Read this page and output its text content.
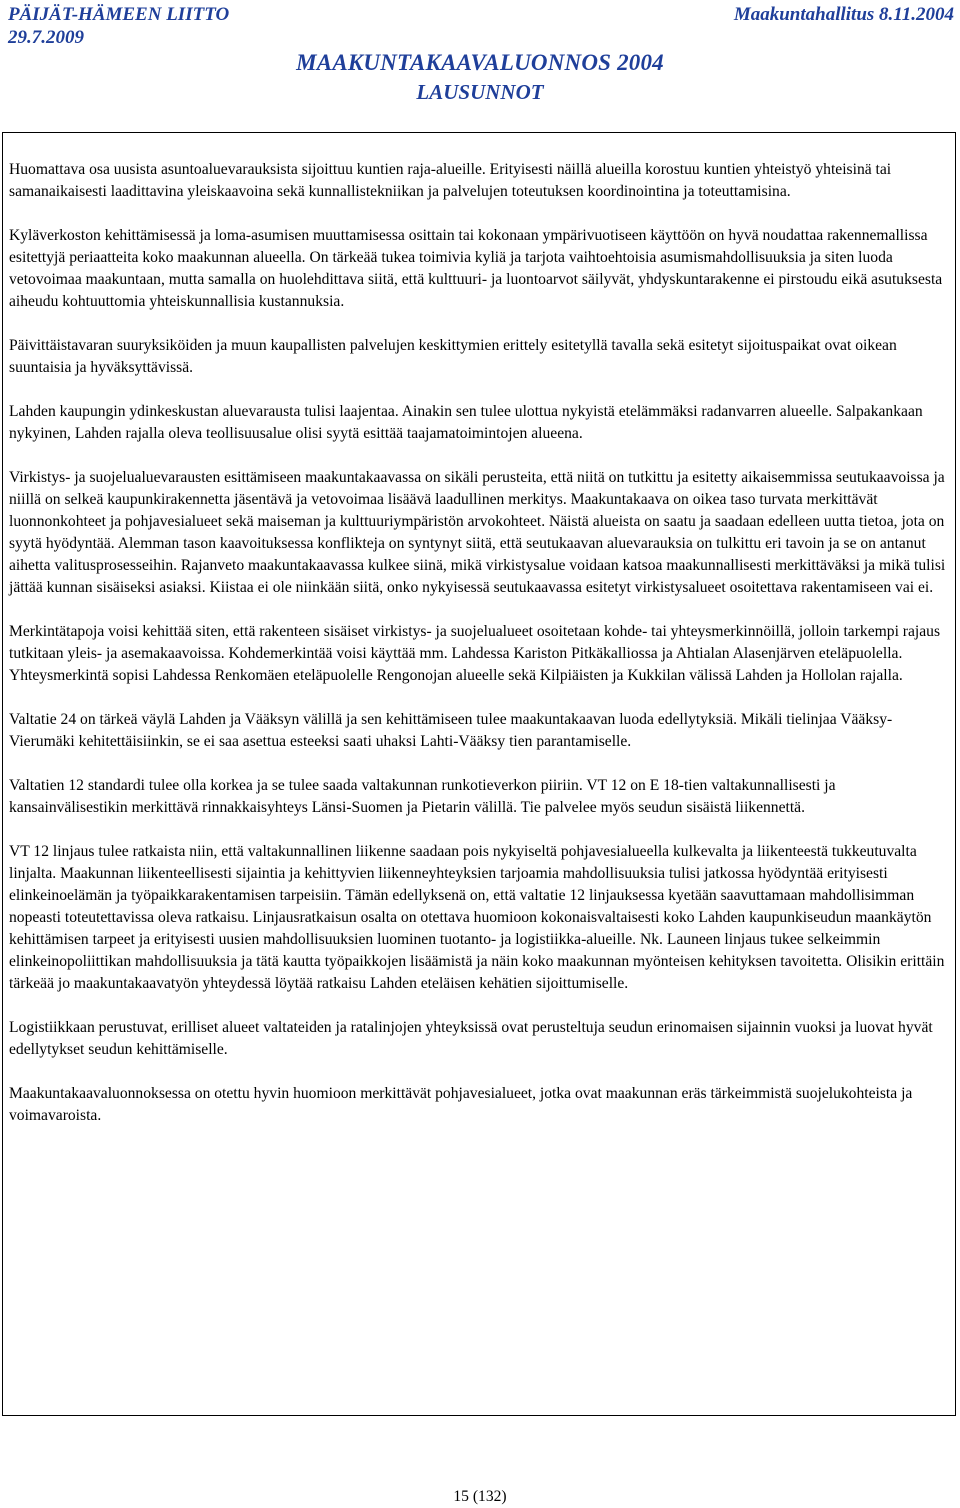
PÄIJÄT-HÄMEEN LIITTO
29.7.2009
Maakuntahallitus 8.11.2004
MAAKUNTAKAAVALUONNOS 2004
LAUSUNNOT

Huomattava osa uusista asuntoaluevarauksista sijoittuu kuntien raja-alueille. Erityisesti näillä alueilla korostuu kuntien yhteistyö yhteisinä tai samanaikaisesti laadittavina yleiskaavoina sekä kunnallistekniikan ja palvelujen toteutuksen koordinointina ja toteuttamisina.

Kyläverkoston kehittämisessä ja loma-asumisen muuttamisessa osittain tai kokonaan ympärivuotiseen käyttöön on hyvä noudattaa rakennemallissa esitettyjä periaatteita koko maakunnan alueella. On tärkeää tukea toimivia kyliä ja tarjota vaihtoehtoisia asumismahdollisuuksia ja siten luoda vetovoimaa maakuntaan, mutta samalla on huolehdittava siitä, että kulttuuri- ja luontoarvot säilyvät, yhdyskuntarakenne ei pirstoudu eikä asutuksesta aiheudu kohtuuttomia yhteiskunnallisia kustannuksia.

Päivittäistavaran suuryksiköiden ja muun kaupallisten palvelujen keskittymien erittely esitetyllä tavalla sekä esitetyt sijoituspaikat ovat oikean suuntaisia ja hyväksyttävissä.

Lahden kaupungin ydinkeskustan aluevarausta tulisi laajentaa. Ainakin sen tulee ulottua nykyistä etelämmäksi radanvarren alueelle. Salpakankaan nykyinen, Lahden rajalla oleva teollisuusalue olisi syytä esittää taajamatoimintojen alueena.

Virkistys- ja suojelualuevarausten esittämiseen maakuntakaavassa on sikäli perusteita, että niitä on tutkittu ja esitetty aikaisemmissa seutukaavoissa ja niillä on selkeä kaupunkirakennetta jäsentävä ja vetovoimaa lisäävä laadullinen merkitys. Maakuntakaava on oikea taso turvata merkittävät luonnonkohteet ja pohjavesialueet sekä maiseman ja kulttuuriympäristön arvokohteet. Näistä alueista on saatu ja saadaan edelleen uutta tietoa, jota on syytä hyödyntää. Alemman tason kaavoituksessa konflikteja on syntynyt siitä, että seutukaavan aluevarauksia on tulkittu eri tavoin ja se on antanut aihetta valitusprosesseihin. Rajanveto maakuntakaavassa kulkee siinä, mikä virkistysalue voidaan katsoa maakunnallisesti merkittäväksi ja mikä tulisi jättää kunnan sisäiseksi asiaksi. Kiistaa ei ole niinkään siitä, onko nykyisessä seutukaavassa esitetyt virkistysalueet osoitettava rakentamiseen vai ei.

Merkintätapoja voisi kehittää siten, että rakenteen sisäiset virkistys- ja suojelualueet osoitetaan kohde- tai yhteysmerkinnöillä, jolloin tarkempi rajaus tutkitaan yleis- ja asemakaavoissa. Kohdemerkintää voisi käyttää mm. Lahdessa Kariston Pitkäkalliossa ja Ahtialan Alasenjärven eteläpuolella. Yhteysmerkintä sopisi Lahdessa Renkomäen eteläpuolelle Rengonojan alueelle sekä Kilpiäisten ja Kukkilan välissä Lahden ja Hollolan rajalla.

Valtatie 24 on tärkeä väylä Lahden ja Vääksyn välillä ja sen kehittämiseen tulee maakuntakaavan luoda edellytyksiä. Mikäli tielinjaa Vääksy-Vierumäki kehitettäisiinkin, se ei saa asettua esteeksi saati uhaksi Lahti-Vääksy tien parantamiselle.

Valtatien 12 standardi tulee olla korkea ja se tulee saada valtakunnan runkotieverkon piiriin. VT 12 on E 18-tien valtakunnallisesti ja kansainvälisestikin merkittävä rinnakkaisyhteys Länsi-Suomen ja Pietarin välillä. Tie palvelee myös seudun sisäistä liikennettä.

VT 12 linjaus tulee ratkaista niin, että valtakunnallinen liikenne saadaan pois nykyiseltä pohjavesialueella kulkevalta ja liikenteestä tukkeutuvalta linjalta. Maakunnan liikenteellisesti sijaintia ja kehittyvien liikenneyhteyksien tarjoamia mahdollisuuksia tulisi jatkossa hyödyntää erityisesti elinkeinoelämän ja työpaikkarakentamisen tarpeisiin. Tämän edellyksenä on, että valtatie 12 linjauksessa kyetään saavuttamaan mahdollisimman nopeasti toteutettavissa oleva ratkaisu. Linjausratkaisun osalta on otettava huomioon kokonaisvaltaisesti koko Lahden kaupunkiseudun maankäytön kehittämisen tarpeet ja erityisesti uusien mahdollisuuksien luominen tuotanto- ja logistiikka-alueille. Nk. Launeen linjaus tukee selkeimmin elinkeinopoliittikan mahdollisuuksia ja tätä kautta työpaikkojen lisäämistä ja näin koko maakunnan myönteisen kehityksen tavoitetta. Olisikin erittäin tärkeää jo maakuntakaavatyön yhteydessä löytää ratkaisu Lahden eteläisen kehätien sijoittumiselle.

Logistiikkaan perustuvat, erilliset alueet valtateiden ja ratalinjojen yhteyksissä ovat perusteltuja seudun erinomaisen sijainnin vuoksi ja luovat hyvät edellytykset seudun kehittämiselle.

Maakuntakaavaluonnoksessa on otettu hyvin huomioon merkittävät pohjavesialueet, jotka ovat maakunnan eräs tärkeimmistä suojelukohteista ja voimavaroista.

15 (132)
